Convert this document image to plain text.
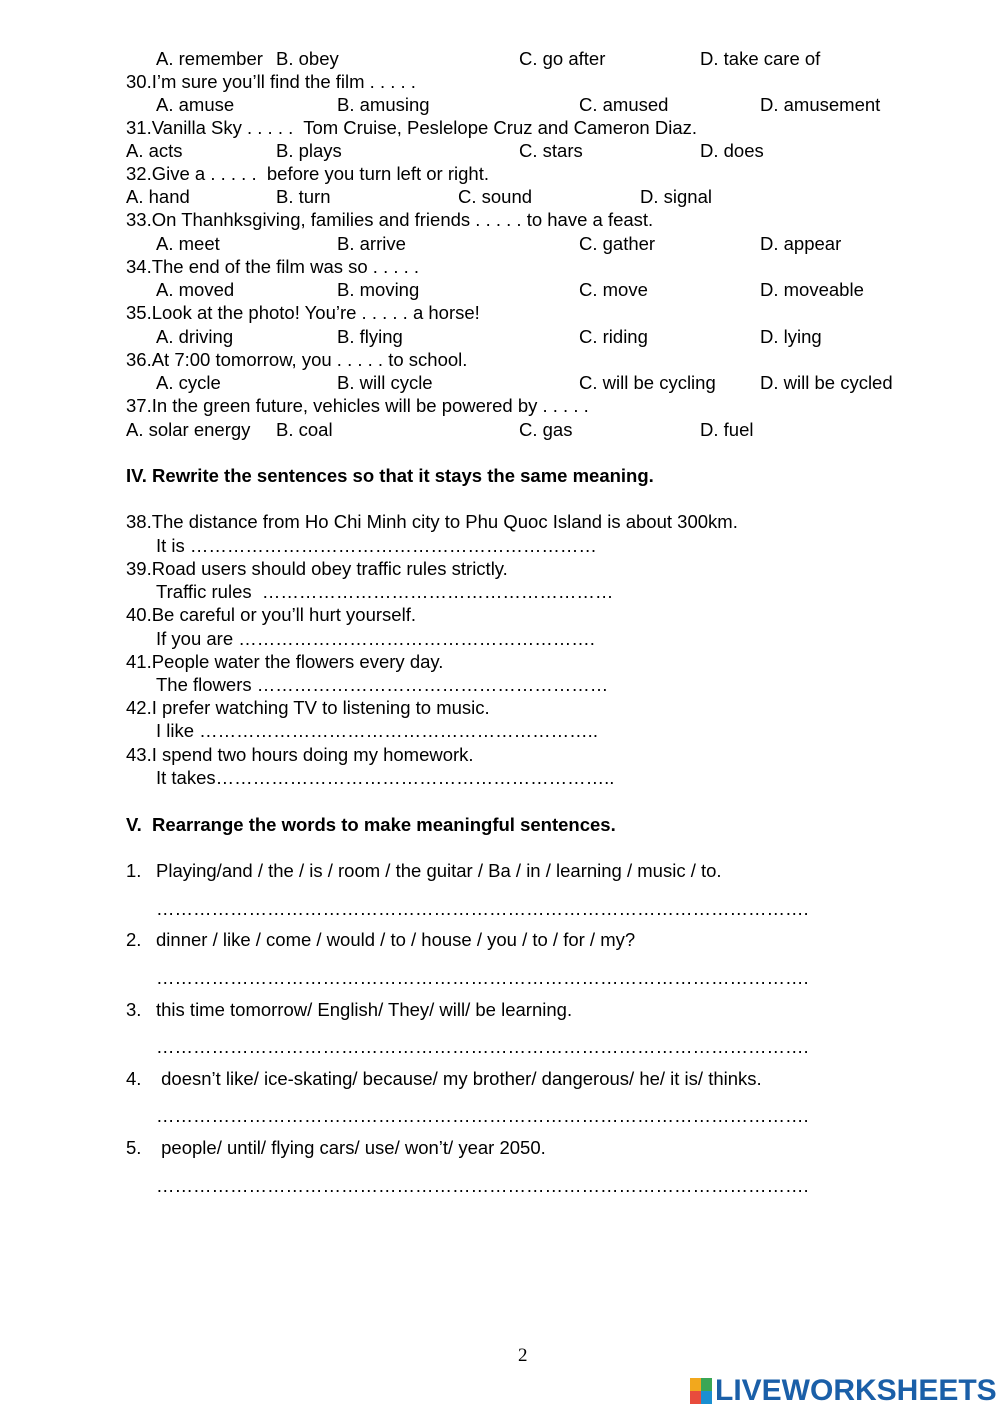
A. remember B. obey	C. go after	D. take care of
30.I’m sure you’ll find the film . . . . .
A. amuse	B. amusing	C. amused	D. amusement
31.Vanilla Sky . . . . .  Tom Cruise, Peslelope Cruz and Cameron Diaz.
A. acts	B. plays	C. stars	D. does
32.Give a . . . . .  before you turn left or right.
A. hand	B. turn	C. sound	D. signal
33.On Thanhksgiving, families and friends . . . . . to have a feast.
A. meet	B. arrive	C. gather	D. appear
34.The end of the film was so . . . . .
A. moved	B. moving	C. move	D. moveable
35.Look at the photo! You’re . . . . . a horse!
A. driving	B. flying	C. riding	D. lying
36.At 7:00 tomorrow, you . . . . . to school.
A. cycle	B. will cycle	C. will be cycling D. will be cycled
37.In the green future, vehicles will be powered by . . . . .
A. solar energy B. coal	C. gas	D. fuel
IV. Rewrite the sentences so that it stays the same meaning.
38.The distance from Ho Chi Minh city to Phu Quoc Island is about 300km.
It is …………………………………………………………
39.Road users should obey traffic rules strictly.
Traffic rules  …………………………………………………
40.Be careful or you’ll hurt yourself.
If you are ………………………………………………….
41.People water the flowers every day.
The flowers …………………………………………………
42.I prefer watching TV to listening to music.
I like ………………………………………………………..
43.I spend two hours doing my homework.
It takes………………………………………………………..
V.  Rearrange the words to make meaningful sentences.
1. Playing/and / the / is / room / the guitar / Ba / in / learning / music / to.
…………………………………………………………………………………………….
2. dinner / like / come / would / to / house / you / to / for / my?
…………………………………………………………………………………………….
3. this time tomorrow/ English/ They/ will/ be learning.
…………………………………………………………………………………………….
4. doesn’t like/ ice-skating/ because/ my brother/ dangerous/ he/ it is/ thinks.
…………………………………………………………………………………………….
5. people/ until/ flying cars/ use/ won’t/ year 2050.
…………………………………………………………………………………………….
2
LIVEWORKSHEETS
